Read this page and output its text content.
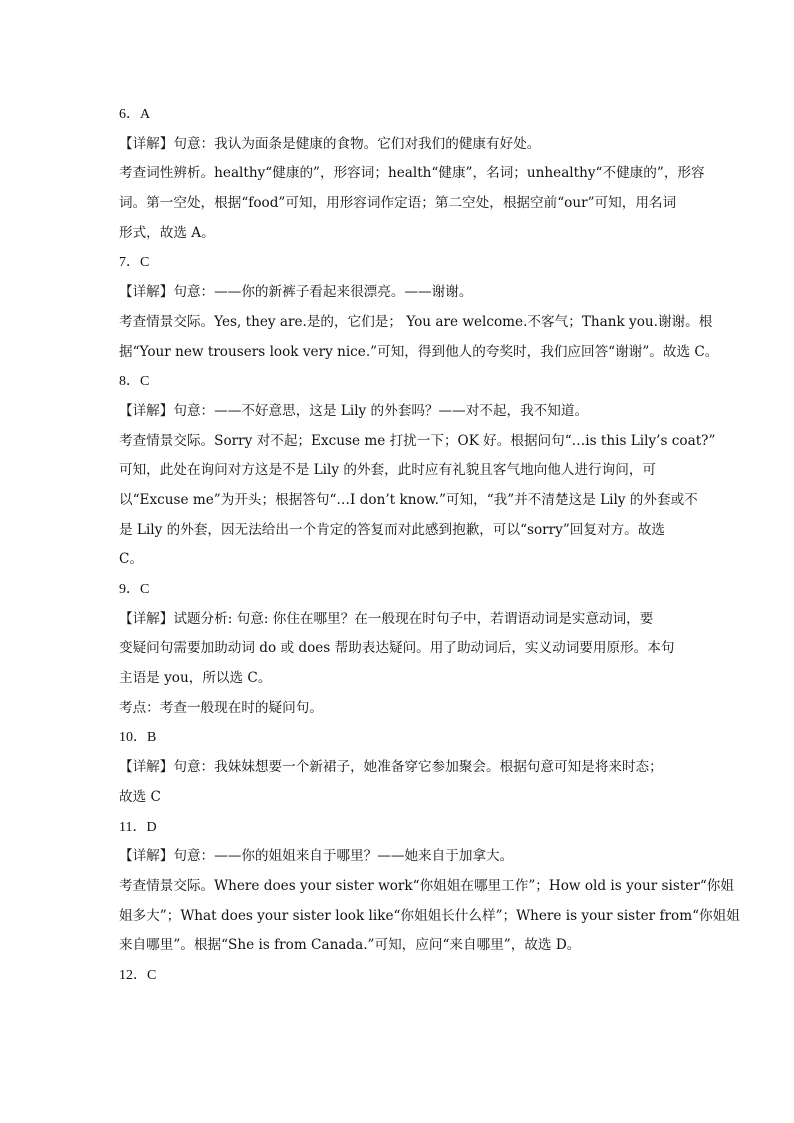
6．A
【详解】句意：我认为面条是健康的食物。它们对我们的健康有好处。
考查词性辨析。healthy“健康的”，形容词；health“健康”，名词；unhealthy“不健康的”，形容
词。第一空处，根据“food”可知，用形容词作定语；第二空处，根据空前“our”可知，用名词
形式，故选 A。
7．C
【详解】句意：——你的新裤子看起来很漂亮。——谢谢。
考查情景交际。Yes, they are.是的，它们是； You are welcome.不客气；Thank you.谢谢。根
据“Your new trousers look very nice.”可知，得到他人的夸奖时，我们应回答“谢谢”。故选 C。
8．C
【详解】句意：——不好意思，这是 Lily 的外套吗？——对不起，我不知道。
考查情景交际。Sorry 对不起；Excuse me 打扰一下；OK 好。根据问句“…is this Lily’s coat?”
可知，此处在询问对方这是不是 Lily 的外套，此时应有礼貌且客气地向他人进行询问，可
以“Excuse me”为开头；根据答句“…I don’t know.”可知，“我”并不清楚这是 Lily 的外套或不
是 Lily 的外套，因无法给出一个肯定的答复而对此感到抱歉，可以“sorry”回复对方。故选
C。
9．C
【详解】试题分析: 句意: 你住在哪里？在一般现在时句子中，若谓语动词是实意动词，要
变疑问句需要加助动词 do 或 does 帮助表达疑问。用了助动词后，实义动词要用原形。本句
主语是 you，所以选 C。
考点：考查一般现在时的疑问句。
10．B
【详解】句意：我妹妹想要一个新裙子，她准备穿它参加聚会。根据句意可知是将来时态；
故选 C
11．D
【详解】句意：——你的姐姐来自于哪里？——她来自于加拿大。
考查情景交际。Where does your sister work“你姐姐在哪里工作”；How old is your sister“你姐
姐多大”；What does your sister look like“你姐姐长什么样”；Where is your sister from“你姐姐
来自哪里”。根据“She is from Canada.”可知，应问“来自哪里”，故选 D。
12．C
